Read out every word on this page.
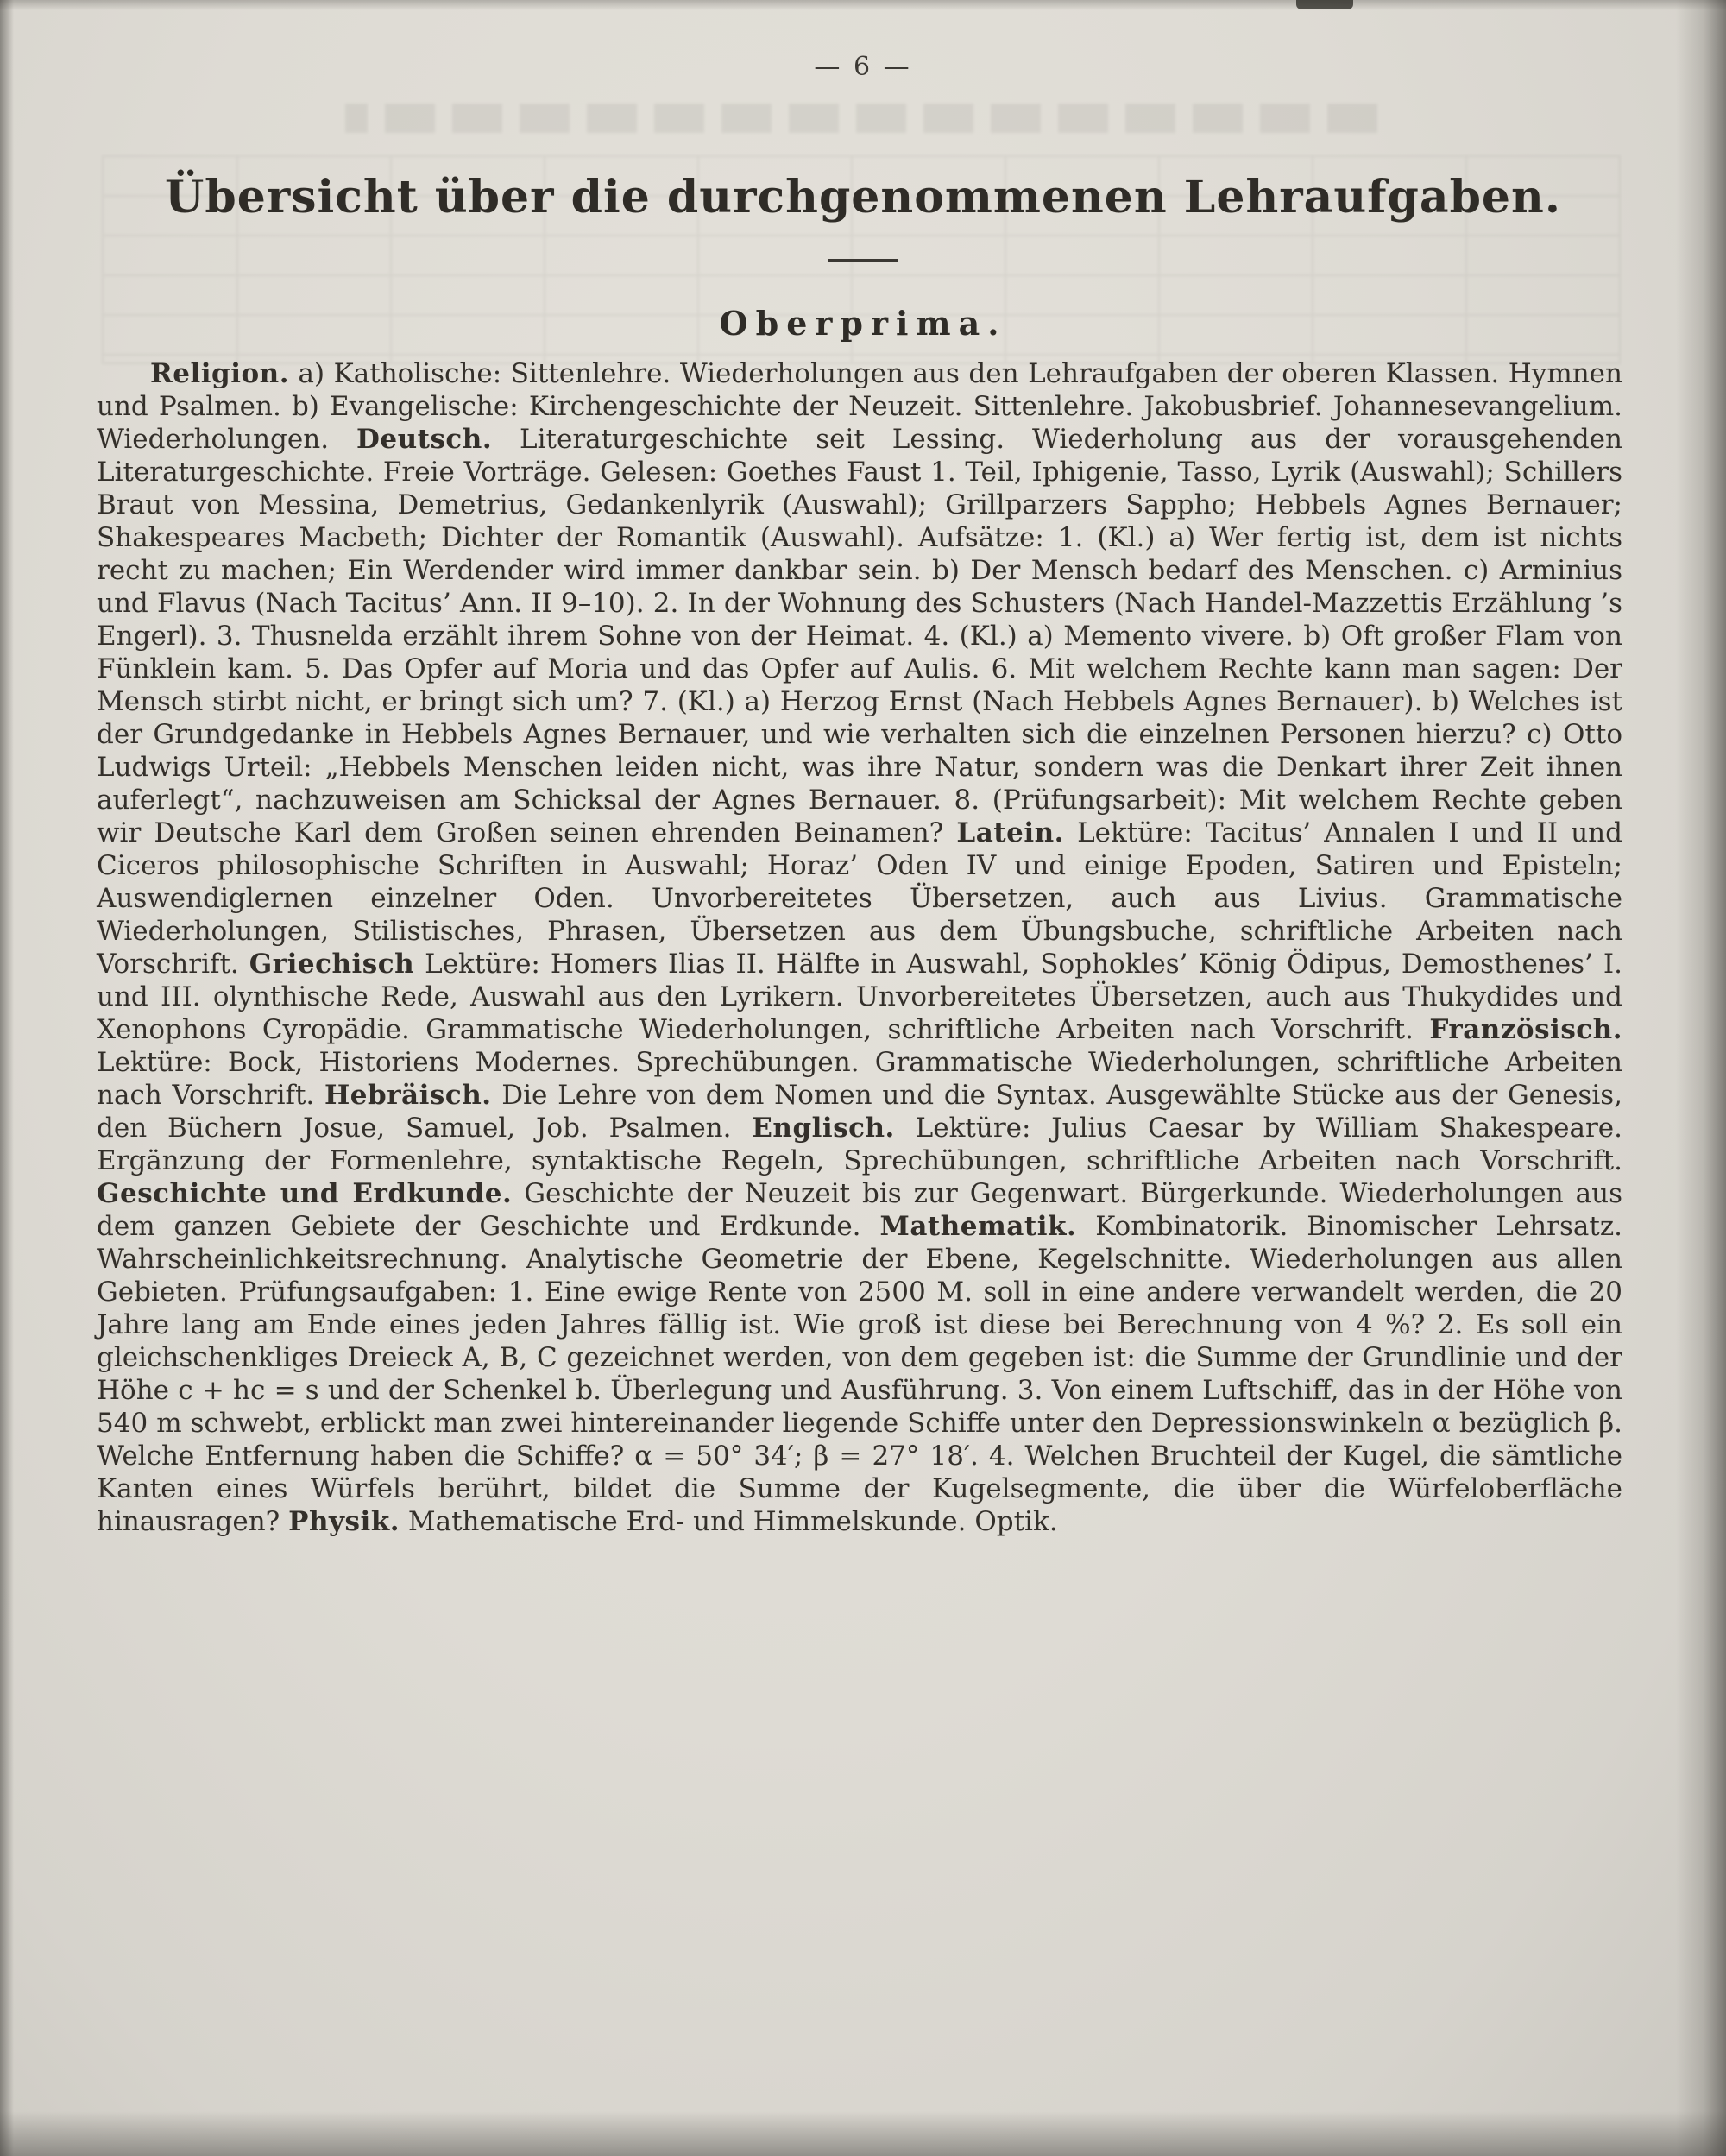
— 6 —
Übersicht über die durchgenommenen Lehraufgaben.
Oberprima.

Religion. a) Katholische: Sittenlehre. Wiederholungen aus den Lehraufgaben der oberen Klassen. Hymnen und Psalmen. b) Evangelische: Kirchengeschichte der Neuzeit. Sittenlehre. Jakobusbrief. Johannesevangelium. Wiederholungen. Deutsch. Literaturgeschichte seit Lessing. Wiederholung aus der vorausgehenden Literaturgeschichte. Freie Vorträge. Gelesen: Goethes Faust 1. Teil, Iphigenie, Tasso, Lyrik (Auswahl); Schillers Braut von Messina, Demetrius, Gedankenlyrik (Auswahl); Grillparzers Sappho; Hebbels Agnes Bernauer; Shakespeares Macbeth; Dichter der Romantik (Auswahl). Aufsätze: 1. (Kl.) a) Wer fertig ist, dem ist nichts recht zu machen; Ein Werdender wird immer dankbar sein. b) Der Mensch bedarf des Menschen. c) Arminius und Flavus (Nach Tacitus’ Ann. II 9–10). 2. In der Wohnung des Schusters (Nach Handel-Mazzettis Erzählung ’s Engerl). 3. Thusnelda erzählt ihrem Sohne von der Heimat. 4. (Kl.) a) Memento vivere. b) Oft großer Flam von Fünklein kam. 5. Das Opfer auf Moria und das Opfer auf Aulis. 6. Mit welchem Rechte kann man sagen: Der Mensch stirbt nicht, er bringt sich um? 7. (Kl.) a) Herzog Ernst (Nach Hebbels Agnes Bernauer). b) Welches ist der Grundgedanke in Hebbels Agnes Bernauer, und wie verhalten sich die einzelnen Personen hierzu? c) Otto Ludwigs Urteil: „Hebbels Menschen leiden nicht, was ihre Natur, sondern was die Denkart ihrer Zeit ihnen auferlegt“, nachzuweisen am Schicksal der Agnes Bernauer. 8. (Prüfungsarbeit): Mit welchem Rechte geben wir Deutsche Karl dem Großen seinen ehrenden Beinamen? Latein. Lektüre: Tacitus’ Annalen I und II und Ciceros philosophische Schriften in Auswahl; Horaz’ Oden IV und einige Epoden, Satiren und Episteln; Auswendiglernen einzelner Oden. Unvorbereitetes Übersetzen, auch aus Livius. Grammatische Wiederholungen, Stilistisches, Phrasen, Übersetzen aus dem Übungsbuche, schriftliche Arbeiten nach Vorschrift. Griechisch Lektüre: Homers Ilias II. Hälfte in Auswahl, Sophokles’ König Ödipus, Demosthenes’ I. und III. olynthische Rede, Auswahl aus den Lyrikern. Unvorbereitetes Übersetzen, auch aus Thukydides und Xenophons Cyropädie. Grammatische Wiederholungen, schriftliche Arbeiten nach Vorschrift. Französisch. Lektüre: Bock, Historiens Modernes. Sprechübungen. Grammatische Wiederholungen, schriftliche Arbeiten nach Vorschrift. Hebräisch. Die Lehre von dem Nomen und die Syntax. Ausgewählte Stücke aus der Genesis, den Büchern Josue, Samuel, Job. Psalmen. Englisch. Lektüre: Julius Caesar by William Shakespeare. Ergänzung der Formenlehre, syntaktische Regeln, Sprechübungen, schriftliche Arbeiten nach Vorschrift. Geschichte und Erdkunde. Geschichte der Neuzeit bis zur Gegenwart. Bürgerkunde. Wiederholungen aus dem ganzen Gebiete der Geschichte und Erdkunde. Mathematik. Kombinatorik. Binomischer Lehrsatz. Wahrscheinlichkeitsrechnung. Analytische Geometrie der Ebene, Kegelschnitte. Wiederholungen aus allen Gebieten. Prüfungsaufgaben: 1. Eine ewige Rente von 2500 M. soll in eine andere verwandelt werden, die 20 Jahre lang am Ende eines jeden Jahres fällig ist. Wie groß ist diese bei Berechnung von 4 %? 2. Es soll ein gleichschenkliges Dreieck A, B, C gezeichnet werden, von dem gegeben ist: die Summe der Grundlinie und der Höhe c + hc = s und der Schenkel b. Überlegung und Ausführung. 3. Von einem Luftschiff, das in der Höhe von 540 m schwebt, erblickt man zwei hintereinander liegende Schiffe unter den Depressionswinkeln α bezüglich β. Welche Entfernung haben die Schiffe? α = 50° 34′; β = 27° 18′. 4. Welchen Bruchteil der Kugel, die sämtliche Kanten eines Würfels berührt, bildet die Summe der Kugelsegmente, die über die Würfeloberfläche hinausragen? Physik. Mathematische Erd- und Himmelskunde. Optik.
